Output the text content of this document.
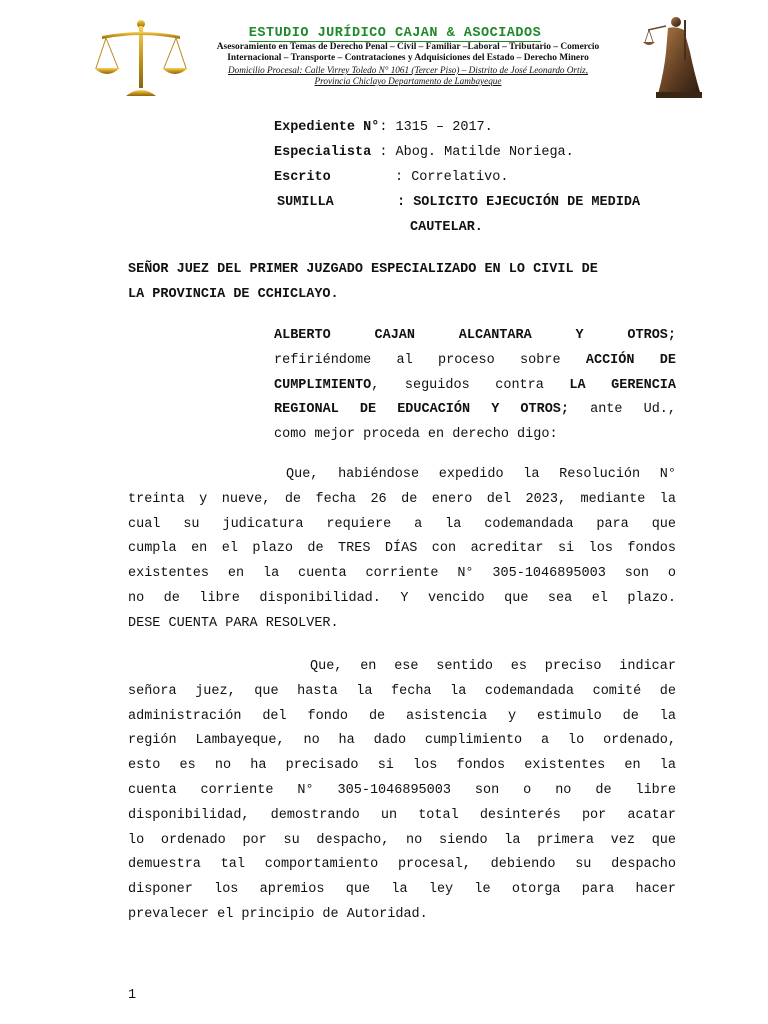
ESTUDIO JURÍDICO CAJAN & ASOCIADOS
Asesoramiento en Temas de Derecho Penal – Civil – Familiar –Laboral – Tributario – Comercio
Internacional – Transporte – Contrataciones y Adquisiciones del Estado – Derecho Minero
Domicilio Procesal: Calle Virrey Toledo N° 1061 (Tercer Piso) – Distrito de José Leonardo Ortiz,
Provincia Chiclayo Departamento de Lambayeque
Expediente N°: 1315 – 2017.
Especialista : Abog. Matilde Noriega.
Escrito	: Correlativo.
SUMILLA	: SOLICITO EJECUCIÓN DE MEDIDA
CAUTELAR.
SEÑOR JUEZ DEL PRIMER JUZGADO ESPECIALIZADO EN LO CIVIL DE
LA PROVINCIA DE CCHICLAYO.
ALBERTO CAJAN ALCANTARA Y OTROS;
refiriéndome al proceso sobre ACCIÓN DE
CUMPLIMIENTO, seguidos contra LA GERENCIA
REGIONAL DE EDUCACIÓN Y OTROS; ante Ud.,
como mejor proceda en derecho digo:
Que, habiéndose expedido la Resolución N°
treinta y nueve, de fecha 26 de enero del 2023, mediante la
cual su judicatura requiere a la codemandada para que
cumpla en el plazo de TRES DÍAS con acreditar si los fondos
existentes en la cuenta corriente N° 305-1046895003 son o
no de libre disponibilidad. Y vencido que sea el plazo.
DESE CUENTA PARA RESOLVER.
Que, en ese sentido es preciso indicar
señora juez, que hasta la fecha la codemandada comité de
administración del fondo de asistencia y estimulo de la
región Lambayeque, no ha dado cumplimiento a lo ordenado,
esto es no ha precisado si los fondos existentes en la
cuenta corriente N° 305-1046895003 son o no de libre
disponibilidad, demostrando un total desinterés por acatar
lo ordenado por su despacho, no siendo la primera vez que
demuestra tal comportamiento procesal, debiendo su despacho
disponer los apremios que la ley le otorga para hacer
prevalecer el principio de Autoridad.
1
